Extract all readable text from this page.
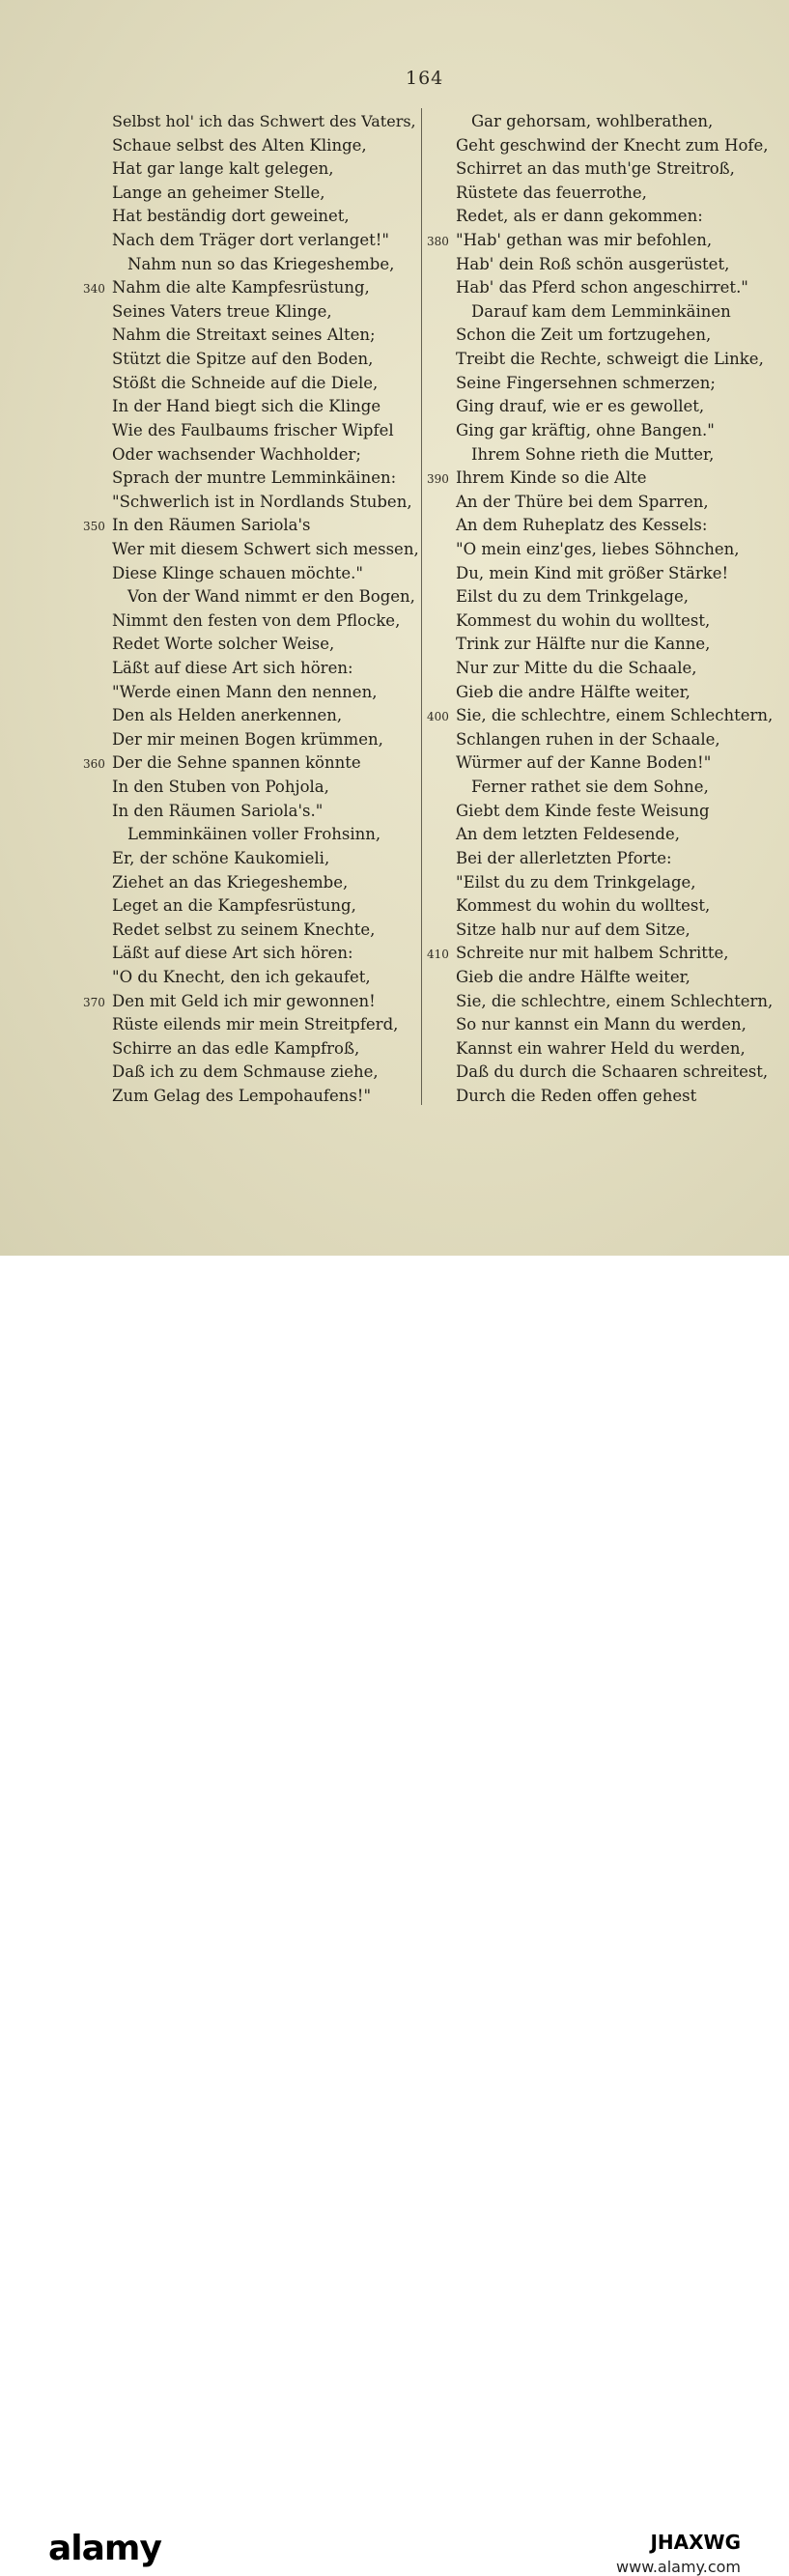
164
Selbst hol' ich das Schwert des Vaters,
Schaue selbst des Alten Klinge,
Hat gar lange kalt gelegen,
Lange an geheimer Stelle,
Hat beständig dort geweinet,
Nach dem Träger dort verlanget!"
Nahm nun so das Kriegeshembe,
340 Nahm die alte Kampfesrüstung,
Seines Vaters treue Klinge,
Nahm die Streitaxt seines Alten;
Stützt die Spitze auf den Boden,
Stößt die Schneide auf die Diele,
In der Hand biegt sich die Klinge
Wie des Faulbaums frischer Wipfel
Oder wachsender Wachholder;
Sprach der muntre Lemminkäinen:
"Schwerlich ist in Nordlands Stuben,
350 In den Räumen Sariola's
Wer mit diesem Schwert sich messen,
Diese Klinge schauen möchte."
Von der Wand nimmt er den Bogen,
Nimmt den festen von dem Pflocke,
Redet Worte solcher Weise,
Läßt auf diese Art sich hören:
"Werde einen Mann den nennen,
Den als Helden anerkennen,
Der mir meinen Bogen krümmen,
360 Der die Sehne spannen könnte
In den Stuben von Pohjola,
In den Räumen Sariola's."
Lemminkäinen voller Frohsinn,
Er, der schöne Kaukomieli,
Ziehet an das Kriegeshembe,
Leget an die Kampfesrüstung,
Redet selbst zu seinem Knechte,
Läßt auf diese Art sich hören:
"O du Knecht, den ich gekaufet,
370 Den mit Geld ich mir gewonnen!
Rüste eilends mir mein Streitpferd,
Schirre an das edle Kampfroß,
Daß ich zu dem Schmause ziehe,
Zum Gelag des Lempohaufens!"
Gar gehorsam, wohlberathen,
Geht geschwind der Knecht zum Hofe,
Schirret an das muth'ge Streitroß,
Rüstete das feuerrothe,
Redet, als er dann gekommen:
380 "Hab' gethan was mir befohlen,
Hab' dein Roß schön ausgerüstet,
Hab' das Pferd schon angeschirret."
Darauf kam dem Lemminkäinen
Schon die Zeit um fortzugehen,
Treibt die Rechte, schweigt die Linke,
Seine Fingersehnen schmerzen;
Ging drauf, wie er es gewollet,
Ging gar kräftig, ohne Bangen."
Ihrem Sohne rieth die Mutter,
390 Ihrem Kinde so die Alte
An der Thüre bei dem Sparren,
An dem Ruheplatz des Kessels:
"O mein einz'ges, liebes Söhnchen,
Du, mein Kind mit größer Stärke!
Eilst du zu dem Trinkgelage,
Kommest du wohin du wolltest,
Trink zur Hälfte nur die Kanne,
Nur zur Mitte du die Schaale,
Gieb die andre Hälfte weiter,
400 Sie, die schlechtre, einem Schlechtern,
Schlangen ruhen in der Schaale,
Würmer auf der Kanne Boden!"
Ferner rathet sie dem Sohne,
Giebt dem Kinde feste Weisung
An dem letzten Feldesende,
Bei der allerletzten Pforte:
"Eilst du zu dem Trinkgelage,
Kommest du wohin du wolltest,
Sitze halb nur auf dem Sitze,
410 Schreite nur mit halbem Schritte,
Gieb die andre Hälfte weiter,
Sie, die schlechtre, einem Schlechtern,
So nur kannst ein Mann du werden,
Kannst ein wahrer Held du werden,
Daß du durch die Schaaren schreitest,
Durch die Reden offen gehest
alamy	JHAXWG
www.alamy.com
